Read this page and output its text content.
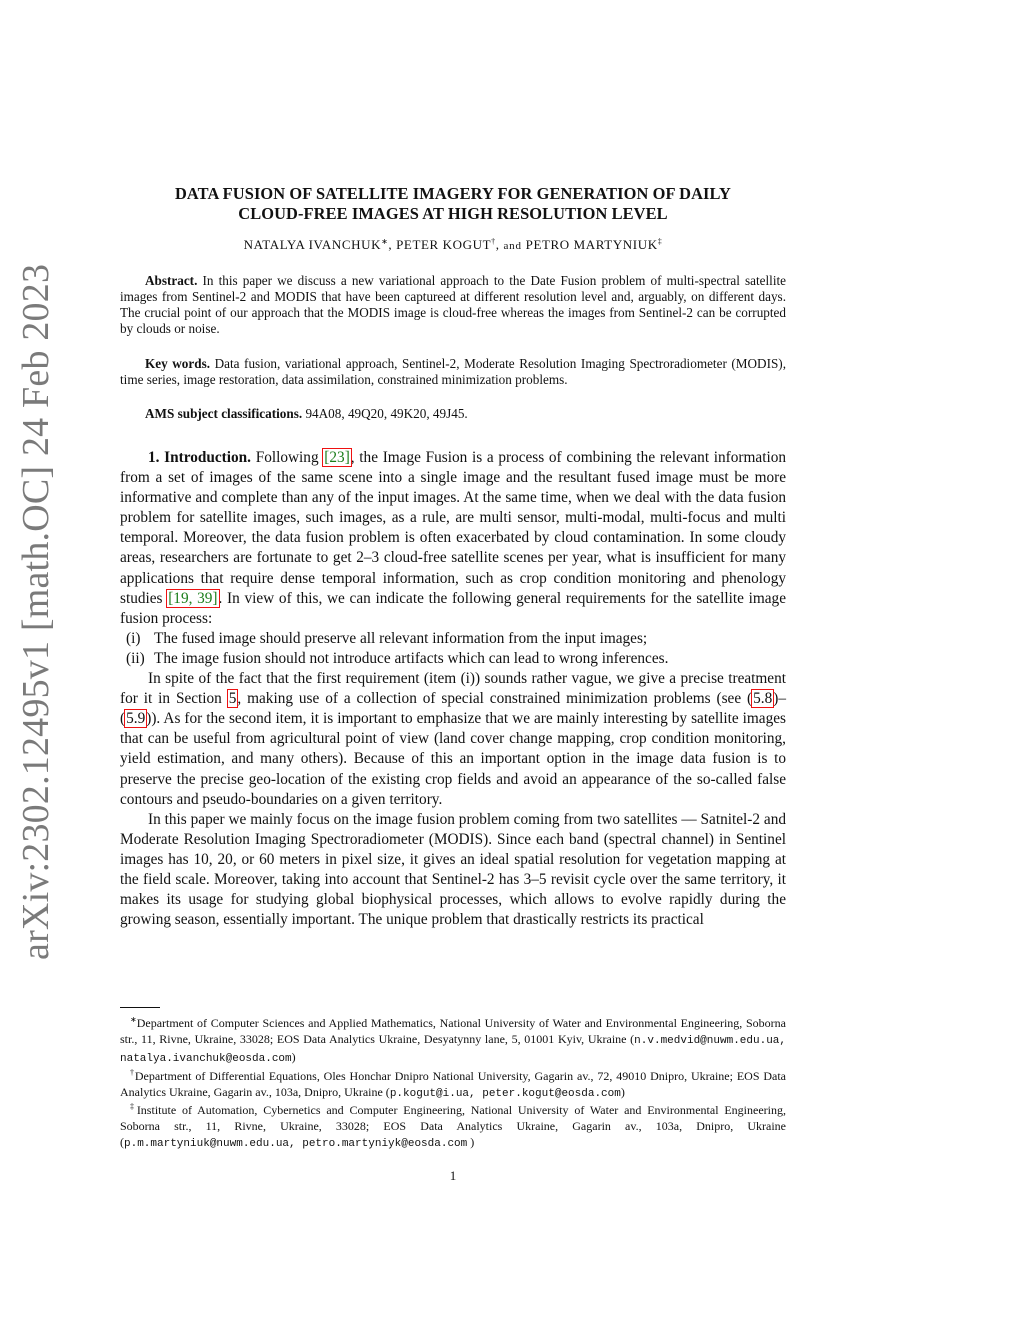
arXiv:2302.12495v1 [math.OC] 24 Feb 2023
DATA FUSION OF SATELLITE IMAGERY FOR GENERATION OF DAILY
CLOUD-FREE IMAGES AT HIGH RESOLUTION LEVEL
NATALYA IVANCHUK∗, PETER KOGUT†, and PETRO MARTYNIUK‡
Abstract. In this paper we discuss a new variational approach to the Date Fusion problem of multi-spectral satellite images from Sentinel-2 and MODIS that have been captureed at different resolution level and, arguably, on different days. The crucial point of our approach that the MODIS image is cloud-free whereas the images from Sentinel-2 can be corrupted by clouds or noise.
Key words. Data fusion, variational approach, Sentinel-2, Moderate Resolution Imaging Spectroradiometer (MODIS), time series, image restoration, data assimilation, constrained minimization problems.
AMS subject classifications. 94A08, 49Q20, 49K20, 49J45.

1. Introduction. Following [23], the Image Fusion is a process of combining the relevant information from a set of images of the same scene into a single image and the resultant fused image must be more informative and complete than any of the input images. At the same time, when we deal with the data fusion problem for satellite images, such images, as a rule, are multi sensor, multi-modal, multi-focus and multi temporal. Moreover, the data fusion problem is often exacerbated by cloud contamination. In some cloudy areas, researchers are fortunate to get 2–3 cloud-free satellite scenes per year, what is insufficient for many applications that require dense temporal information, such as crop condition monitoring and phenology studies [19, 39]. In view of this, we can indicate the following general requirements for the satellite image fusion process:

(i) The fused image should preserve all relevant information from the input images;
(ii) The image fusion should not introduce artifacts which can lead to wrong inferences.

In spite of the fact that the first requirement (item (i)) sounds rather vague, we give a precise treatment for it in Section 5, making use of a collection of special constrained minimization problems (see (5.8)–(5.9)). As for the second item, it is important to emphasize that we are mainly interesting by satellite images that can be useful from agricultural point of view (land cover change mapping, crop condition monitoring, yield estimation, and many others). Because of this an important option in the image data fusion is to preserve the precise geo-location of the existing crop fields and avoid an appearance of the so-called false contours and pseudo-boundaries on a given territory.

In this paper we mainly focus on the image fusion problem coming from two satellites — Satnitel-2 and Moderate Resolution Imaging Spectroradiometer (MODIS). Since each band (spectral channel) in Sentinel images has 10, 20, or 60 meters in pixel size, it gives an ideal spatial resolution for vegetation mapping at the field scale. Moreover, taking into account that Sentinel-2 has 3–5 revisit cycle over the same territory, it makes its usage for studying global biophysical processes, which allows to evolve rapidly during the growing season, essentially important. The unique problem that drastically restricts its practical

∗Department of Computer Sciences and Applied Mathematics, National University of Water and Environmental Engineering, Soborna str., 11, Rivne, Ukraine, 33028; EOS Data Analytics Ukraine, Desyatynny lane, 5, 01001 Kyiv, Ukraine (n.v.medvid@nuwm.edu.ua, natalya.ivanchuk@eosda.com)

†Department of Differential Equations, Oles Honchar Dnipro National University, Gagarin av., 72, 49010 Dnipro, Ukraine; EOS Data Analytics Ukraine, Gagarin av., 103a, Dnipro, Ukraine (p.kogut@i.ua, peter.kogut@eosda.com)

‡Institute of Automation, Cybernetics and Computer Engineering, National University of Water and Environmental Engineering, Soborna str., 11, Rivne, Ukraine, 33028; EOS Data Analytics Ukraine, Gagarin av., 103a, Dnipro, Ukraine (p.m.martyniuk@nuwm.edu.ua, petro.martyniyk@eosda.com )

1
